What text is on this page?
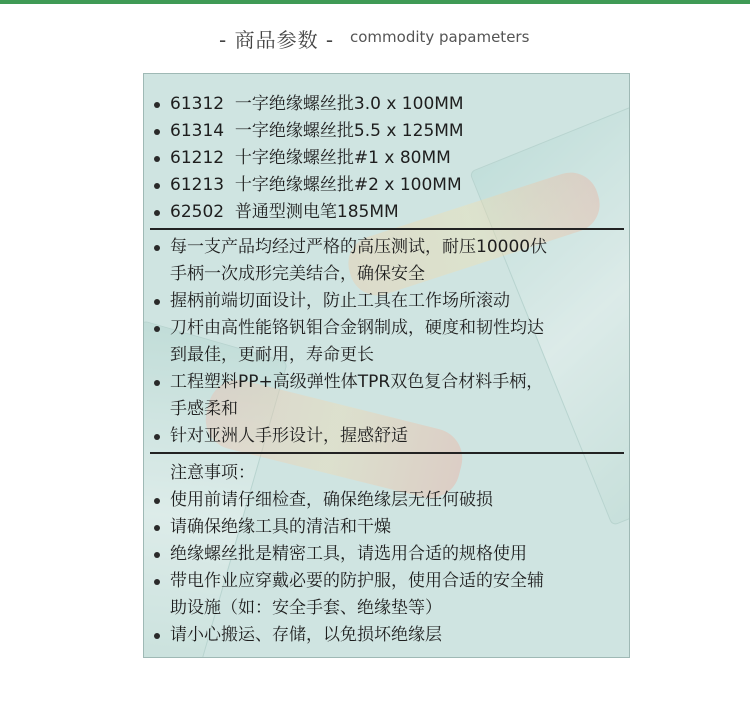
- 商品参数 - commodity papameters
61312 一字绝缘螺丝批3.0 x 100MM
61314 一字绝缘螺丝批5.5 x 125MM
61212 十字绝缘螺丝批#1 x 80MM
61213 十字绝缘螺丝批#2 x 100MM
62502 普通型测电笔185MM
每一支产品均经过严格的高压测试，耐压10000伏
手柄一次成形完美结合，确保安全
握柄前端切面设计，防止工具在工作场所滚动
刀杆由高性能铬钒钼合金钢制成，硬度和韧性均达
到最佳，更耐用，寿命更长
工程塑料PP+高级弹性体TPR双色复合材料手柄，
手感柔和
针对亚洲人手形设计，握感舒适
注意事项：
使用前请仔细检查，确保绝缘层无任何破损
请确保绝缘工具的清洁和干燥
绝缘螺丝批是精密工具，请选用合适的规格使用
带电作业应穿戴必要的防护服，使用合适的安全辅
助设施（如：安全手套、绝缘垫等）
请小心搬运、存储，以免损坏绝缘层
